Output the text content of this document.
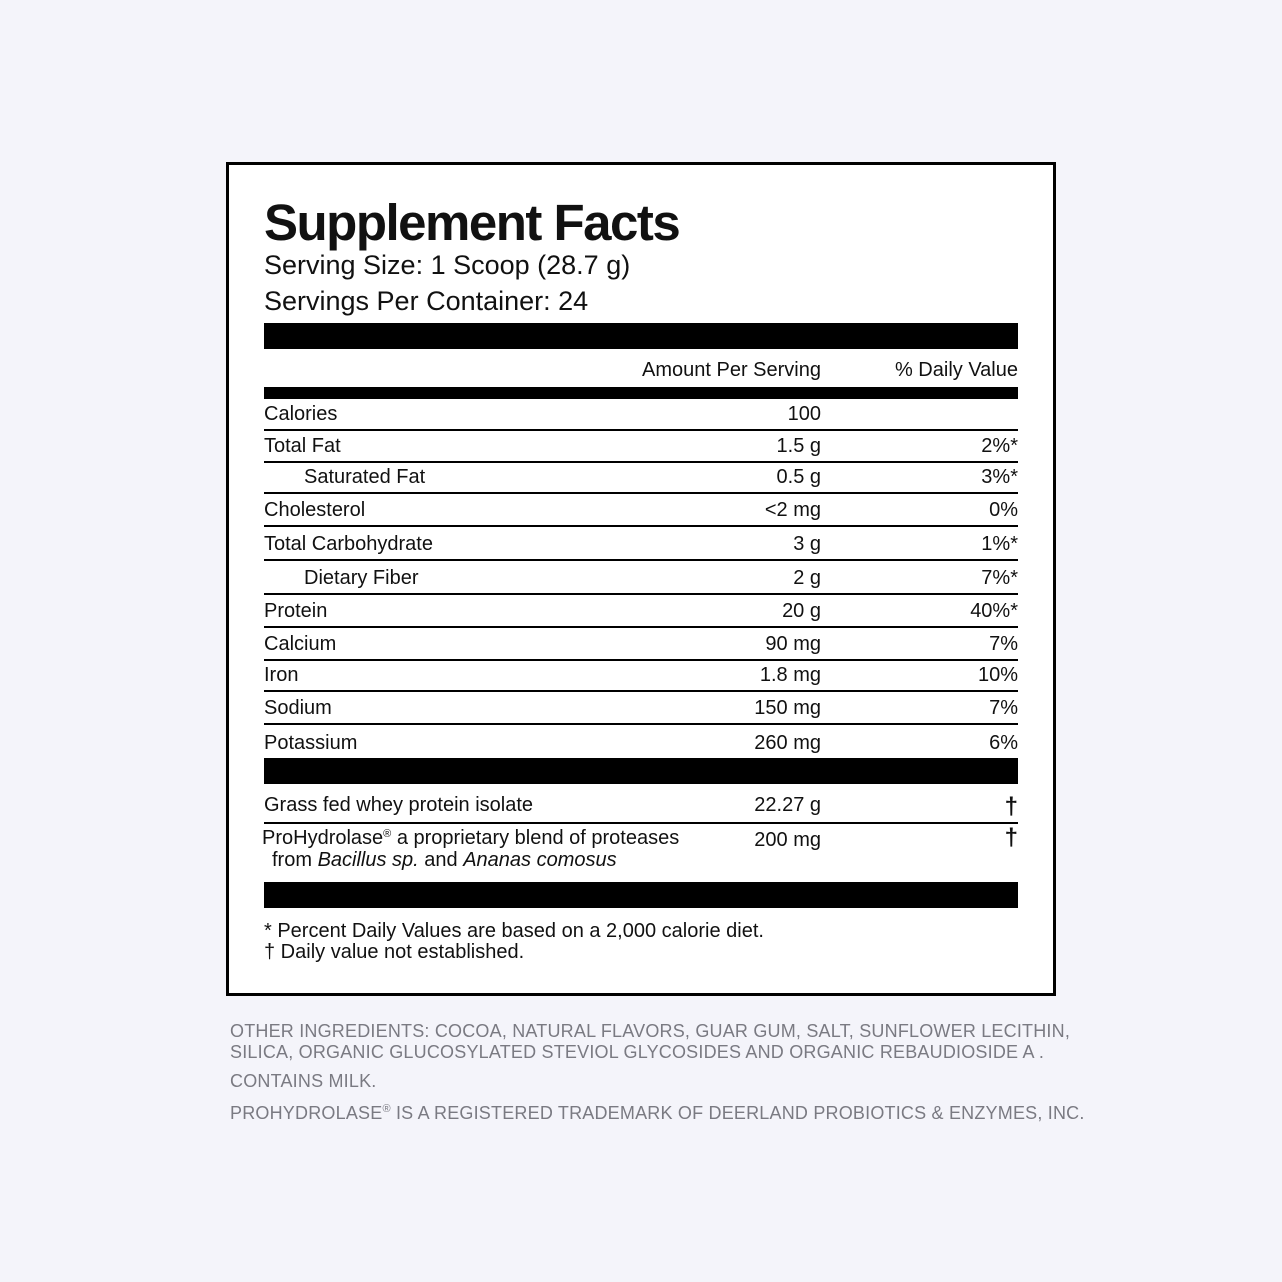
Supplement Facts
Serving Size: 1 Scoop (28.7 g)
Servings Per Container: 24
Amount Per Serving	% Daily Value
Calories	100
Total Fat	1.5 g	2%*
Saturated Fat	0.5 g	3%*
Cholesterol	<2 mg	0%
Total Carbohydrate	3 g	1%*
Dietary Fiber	2 g	7%*
Protein	20 g	40%*
Calcium	90 mg	7%
Iron	1.8 mg	10%
Sodium	150 mg	7%
Potassium	260 mg	6%
Grass fed whey protein isolate	22.27 g	†
ProHydrolase® a proprietary blend of proteases
from Bacillus sp. and Ananas comosus
200 mg	†
* Percent Daily Values are based on a 2,000 calorie diet.
† Daily value not established.
OTHER INGREDIENTS: COCOA, NATURAL FLAVORS, GUAR GUM, SALT, SUNFLOWER LECITHIN,
SILICA, ORGANIC GLUCOSYLATED STEVIOL GLYCOSIDES AND ORGANIC REBAUDIOSIDE A .
CONTAINS MILK.
PROHYDROLASE® IS A REGISTERED TRADEMARK OF DEERLAND PROBIOTICS & ENZYMES, INC.
